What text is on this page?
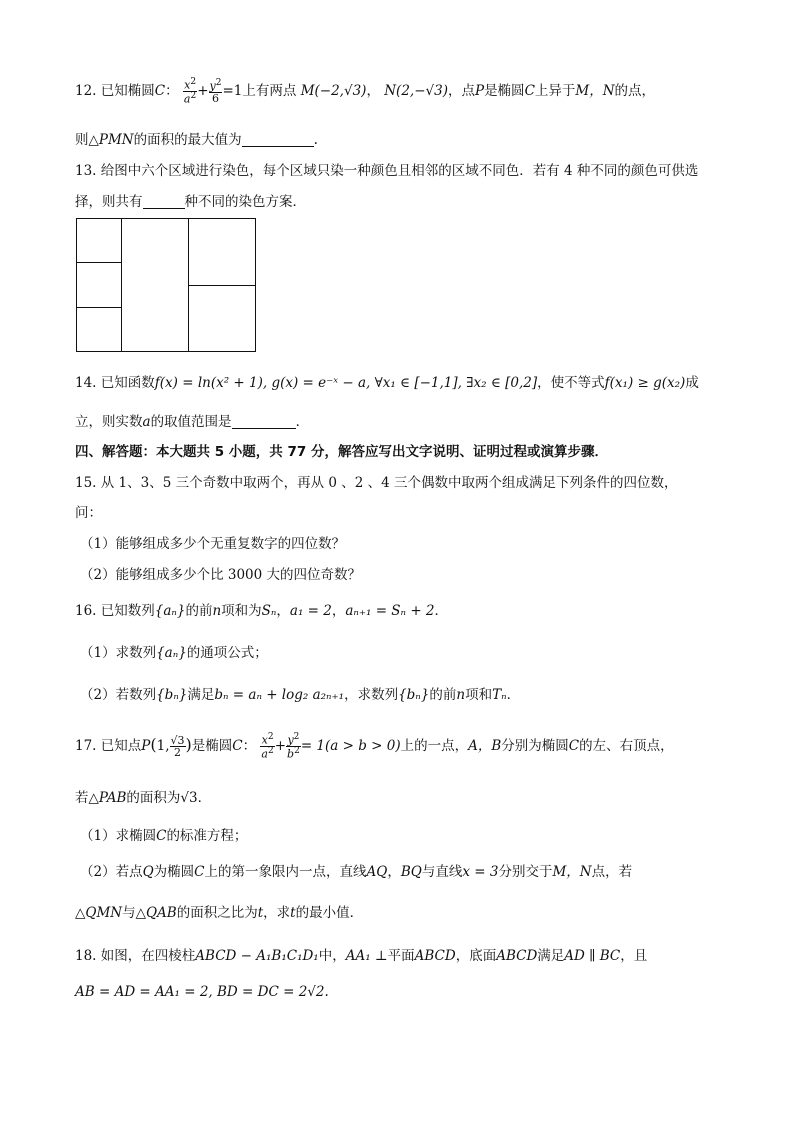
12. 已知椭圆C： $\frac{x^2}{a^2} + \frac{y^2}{6} =1$上有两点 M(−2,√3)， N(2,−√3)，点P是椭圆C上异于M，N的点，
则△PMN的面积的最大值为	.
13. 给图中六个区域进行染色，每个区域只染一种颜色且相邻的区域不同色．若有 4 种不同的颜色可供选
择，则共有	种不同的染色方案．
14. 已知函数f(x) = ln(x² + 1), g(x) = e⁻ˣ − a, ∀x₁ ∈ [−1,1], ∃x₂ ∈ [0,2]，使不等式f(x₁) ≥ g(x₂)成
立，则实数a的取值范围是	．
四、解答题：本大题共 5 小题，共 77 分，解答应写出文字说明、证明过程或演算步骤．
15. 从 1、3、5 三个奇数中取两个，再从 0 、2 、4 三个偶数中取两个组成满足下列条件的四位数，
问：
（1）能够组成多少个无重复数字的四位数？
（2）能够组成多少个比 3000 大的四位奇数？
16. 已知数列{aₙ}的前n项和为Sₙ，a₁ = 2，aₙ₊₁ = Sₙ + 2．
（1）求数列{aₙ}的通项公式；
（2）若数列{bₙ}满足bₙ = aₙ + log₂ a₂ₙ₊₁，求数列{bₙ}的前n项和Tₙ．
17. 已知点P(1, $\frac{√3}{2}$ )是椭圆C： $\frac{x^2}{a^2} + \frac{y^2}{b^2} = 1(a > b > 0)$上的一点，A，B分别为椭圆C的左、右顶点，
若△PAB的面积为√3．
（1）求椭圆C的标准方程；
（2）若点Q为椭圆C上的第一象限内一点，直线AQ，BQ与直线x = 3分别交于M，N点，若
△QMN与△QAB的面积之比为t，求t的最小值．
18. 如图，在四棱柱ABCD − A₁B₁C₁D₁中，AA₁ ⊥平面ABCD，底面ABCD满足AD ∥ BC，且
AB = AD = AA₁ = 2, BD = DC = 2√2.
